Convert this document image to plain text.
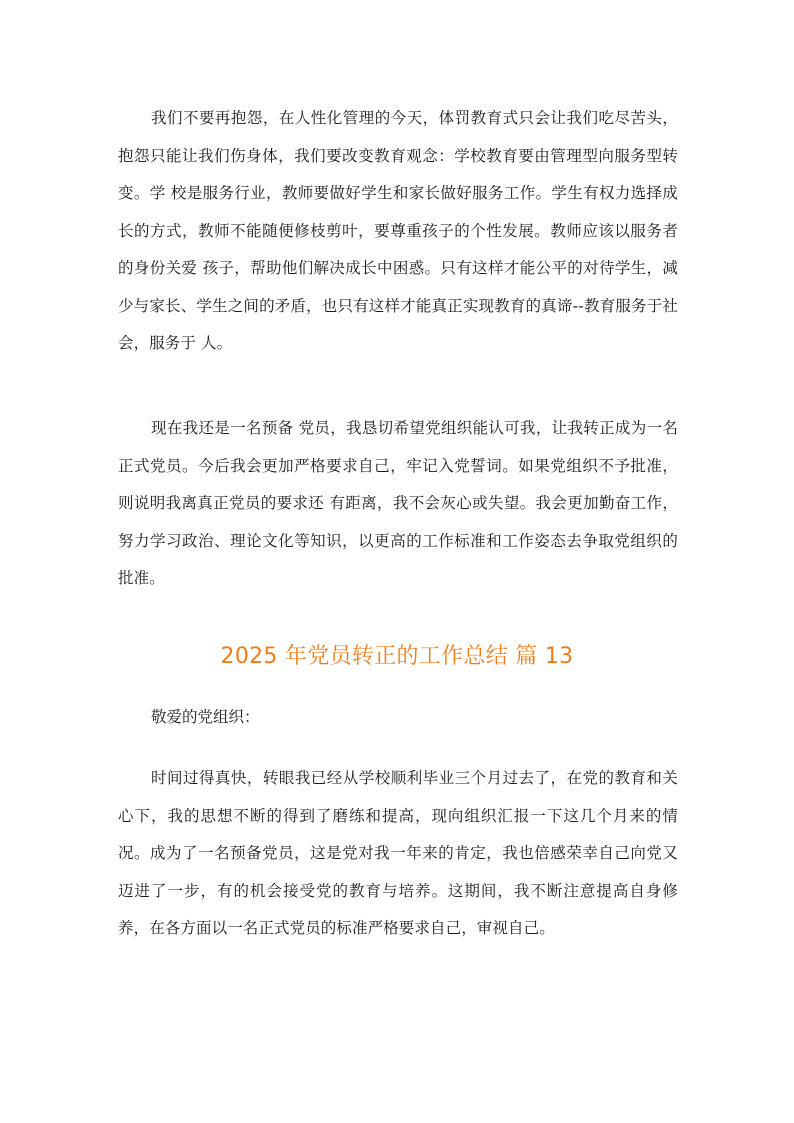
我们不要再抱怨，在人性化管理的今天，体罚教育式只会让我们吃尽苦头，抱怨只能让我们伤身体，我们要改变教育观念：学校教育要由管理型向服务型转变。学 校是服务行业，教师要做好学生和家长做好服务工作。学生有权力选择成长的方式，教师不能随便修枝剪叶，要尊重孩子的个性发展。教师应该以服务者的身份关爱 孩子，帮助他们解决成长中困惑。只有这样才能公平的对待学生，减少与家长、学生之间的矛盾，也只有这样才能真正实现教育的真谛--教育服务于社会，服务于 人。

现在我还是一名预备 党员，我恳切希望党组织能认可我，让我转正成为一名正式党员。今后我会更加严格要求自己，牢记入党誓词。如果党组织不予批准，则说明我离真正党员的要求还 有距离，我不会灰心或失望。我会更加勤奋工作，努力学习政治、理论文化等知识，以更高的工作标准和工作姿态去争取党组织的批准。

2025 年党员转正的工作总结 篇 13

敬爱的党组织：

时间过得真快，转眼我已经从学校顺利毕业三个月过去了，在党的教育和关心下，我的思想不断的得到了磨练和提高，现向组织汇报一下这几个月来的情况。成为了一名预备党员，这是党对我一年来的肯定，我也倍感荣幸自己向党又迈进了一步，有的机会接受党的教育与培养。这期间，我不断注意提高自身修养，在各方面以一名正式党员的标准严格要求自己，审视自己。
